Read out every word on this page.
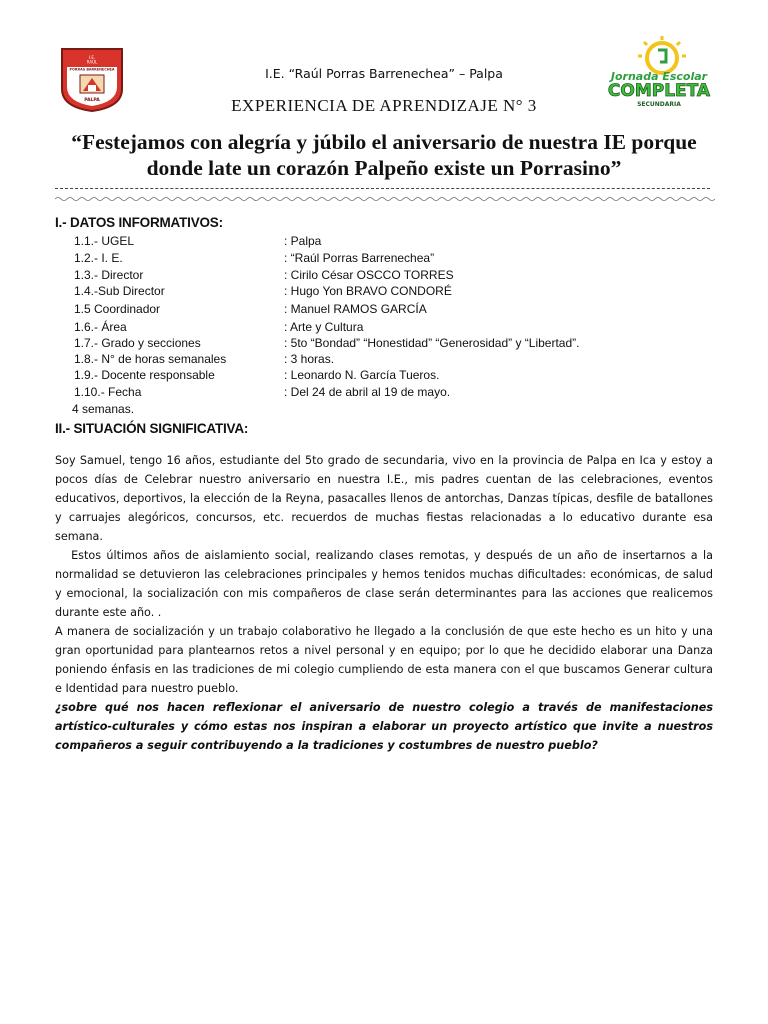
I.E.
RAÚL
PORRAS BARRENECHEA
PALPA
Jornada Escolar
COMPLETA
SECUNDARIA
I.E. “Raúl Porras Barrenechea” – Palpa
EXPERIENCIA DE APRENDIZAJE N° 3
“Festejamos con alegría y júbilo el aniversario de nuestra IE porque donde late un corazón Palpeño existe un Porrasino”
I.- DATOS INFORMATIVOS:
1.1.- UGEL	: Palpa
1.2.- I. E.	: “Raúl Porras Barrenechea”
1.3.- Director	: Cirilo César OSCCO TORRES
1.4.-Sub Director	: Hugo Yon BRAVO CONDORÉ
1.5 Coordinador	: Manuel RAMOS GARCÍA
1.6.- Área	: Arte y Cultura
1.7.- Grado y secciones	: 5to “Bondad” “Honestidad” “Generosidad” y “Libertad”.
1.8.- N° de horas semanales	: 3 horas.
1.9.- Docente responsable	: Leonardo N. García Tueros.
1.10.- Fecha	: Del 24 de abril al 19 de mayo.
4 semanas.
II.- SITUACIÓN SIGNIFICATIVA:

Soy Samuel, tengo 16 años, estudiante del 5to grado de secundaria, vivo en la provincia de Palpa en Ica y estoy a pocos días de Celebrar nuestro aniversario en nuestra I.E., mis padres cuentan de las celebraciones, eventos educativos, deportivos, la elección de la Reyna, pasacalles llenos de antorchas, Danzas típicas, desfile de batallones y carruajes alegóricos, concursos, etc. recuerdos de muchas fiestas relacionadas a lo educativo durante esa semana.

Estos últimos años de aislamiento social, realizando clases remotas, y después de un año de insertarnos a la normalidad se detuvieron las celebraciones principales y hemos tenidos muchas dificultades: económicas, de salud y emocional, la socialización con mis compañeros de clase serán determinantes para las acciones que realicemos durante este año. .

A manera de socialización y un trabajo colaborativo he llegado a la conclusión de que este hecho es un hito y una gran oportunidad para plantearnos retos a nivel personal y en equipo; por lo que he decidido elaborar una Danza poniendo énfasis en las tradiciones de mi colegio cumpliendo de esta manera con el que buscamos Generar cultura e Identidad para nuestro pueblo.

¿sobre qué nos hacen reflexionar el aniversario de nuestro colegio a través de manifestaciones artístico-culturales y cómo estas nos inspiran a elaborar un proyecto artístico que invite a nuestros compañeros a seguir contribuyendo a la tradiciones y costumbres de nuestro pueblo?
